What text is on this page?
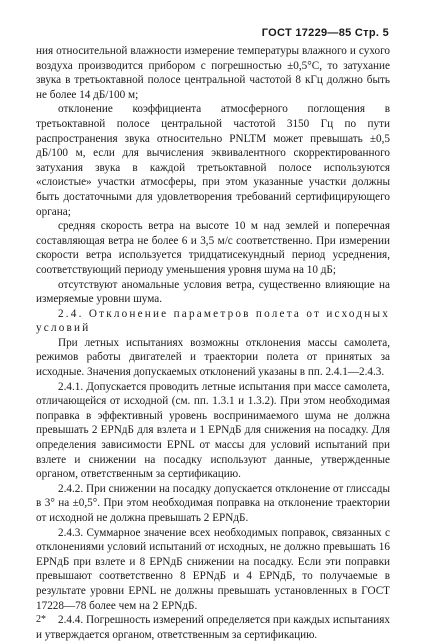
ГОСТ 17229—85 Стр. 5

ния относительной влажности измерение температуры влажного и сухого воздуха производится прибором с погрешностью ±0,5°С, то затухание звука в третьоктавной полосе центральной частотой 8 кГц должно быть не более 14 дБ/100 м;

отклонение коэффициента атмосферного поглощения в третьоктавной полосе центральной частотой 3150 Гц по пути распространения звука относительно PNLTM может превышать ±0,5 дБ/100 м, если для вычисления эквивалентного скорректированного затухания звука в каждой третьоктавной полосе используются «слоистые» участки атмосферы, при этом указанные участки должны быть достаточными для удовлетворения требований сертифицирующего органа;

средняя скорость ветра на высоте 10 м над землей и поперечная составляющая ветра не более 6 и 3,5 м/с соответственно. При измерении скорости ветра используется тридцатисекундный период усреднения, соответствующий периоду уменьшения уровня шума на 10 дБ;

отсутствуют аномальные условия ветра, существенно влияющие на измеряемые уровни шума.

2.4. Отклонение параметров полета от исходных условий

При летных испытаниях возможны отклонения массы самолета, режимов работы двигателей и траектории полета от принятых за исходные. Значения допускаемых отклонений указаны в пп. 2.4.1—2.4.3.

2.4.1. Допускается проводить летные испытания при массе самолета, отличающейся от исходной (см. пп. 1.3.1 и 1.3.2). При этом необходимая поправка в эффективный уровень воспринимаемого шума не должна превышать 2 EPNдБ для взлета и 1 EPNдБ для снижения на посадку. Для определения зависимости EPNL от массы для условий испытаний при взлете и снижении на посадку используют данные, утвержденные органом, ответственным за сертификацию.

2.4.2. При снижении на посадку допускается отклонение от глиссады в 3° на ±0,5°. При этом необходимая поправка на отклонение траектории от исходной не должна превышать 2 EPNдБ.

2.4.3. Суммарное значение всех необходимых поправок, связанных с отклонениями условий испытаний от исходных, не должно превышать 16 EPNдБ при взлете и 8 EPNдБ снижении на посадку. Если эти поправки превышают соответственно 8 EPNдБ и 4 EPNдБ, то получаемые в результате уровни EPNL не должны превышать установленных в ГОСТ 17228—78 более чем на 2 EPNдБ.

2.4.4. Погрешность измерений определяется при каждых испытаниях и утверждается органом, ответственным за сертификацию.

2*
